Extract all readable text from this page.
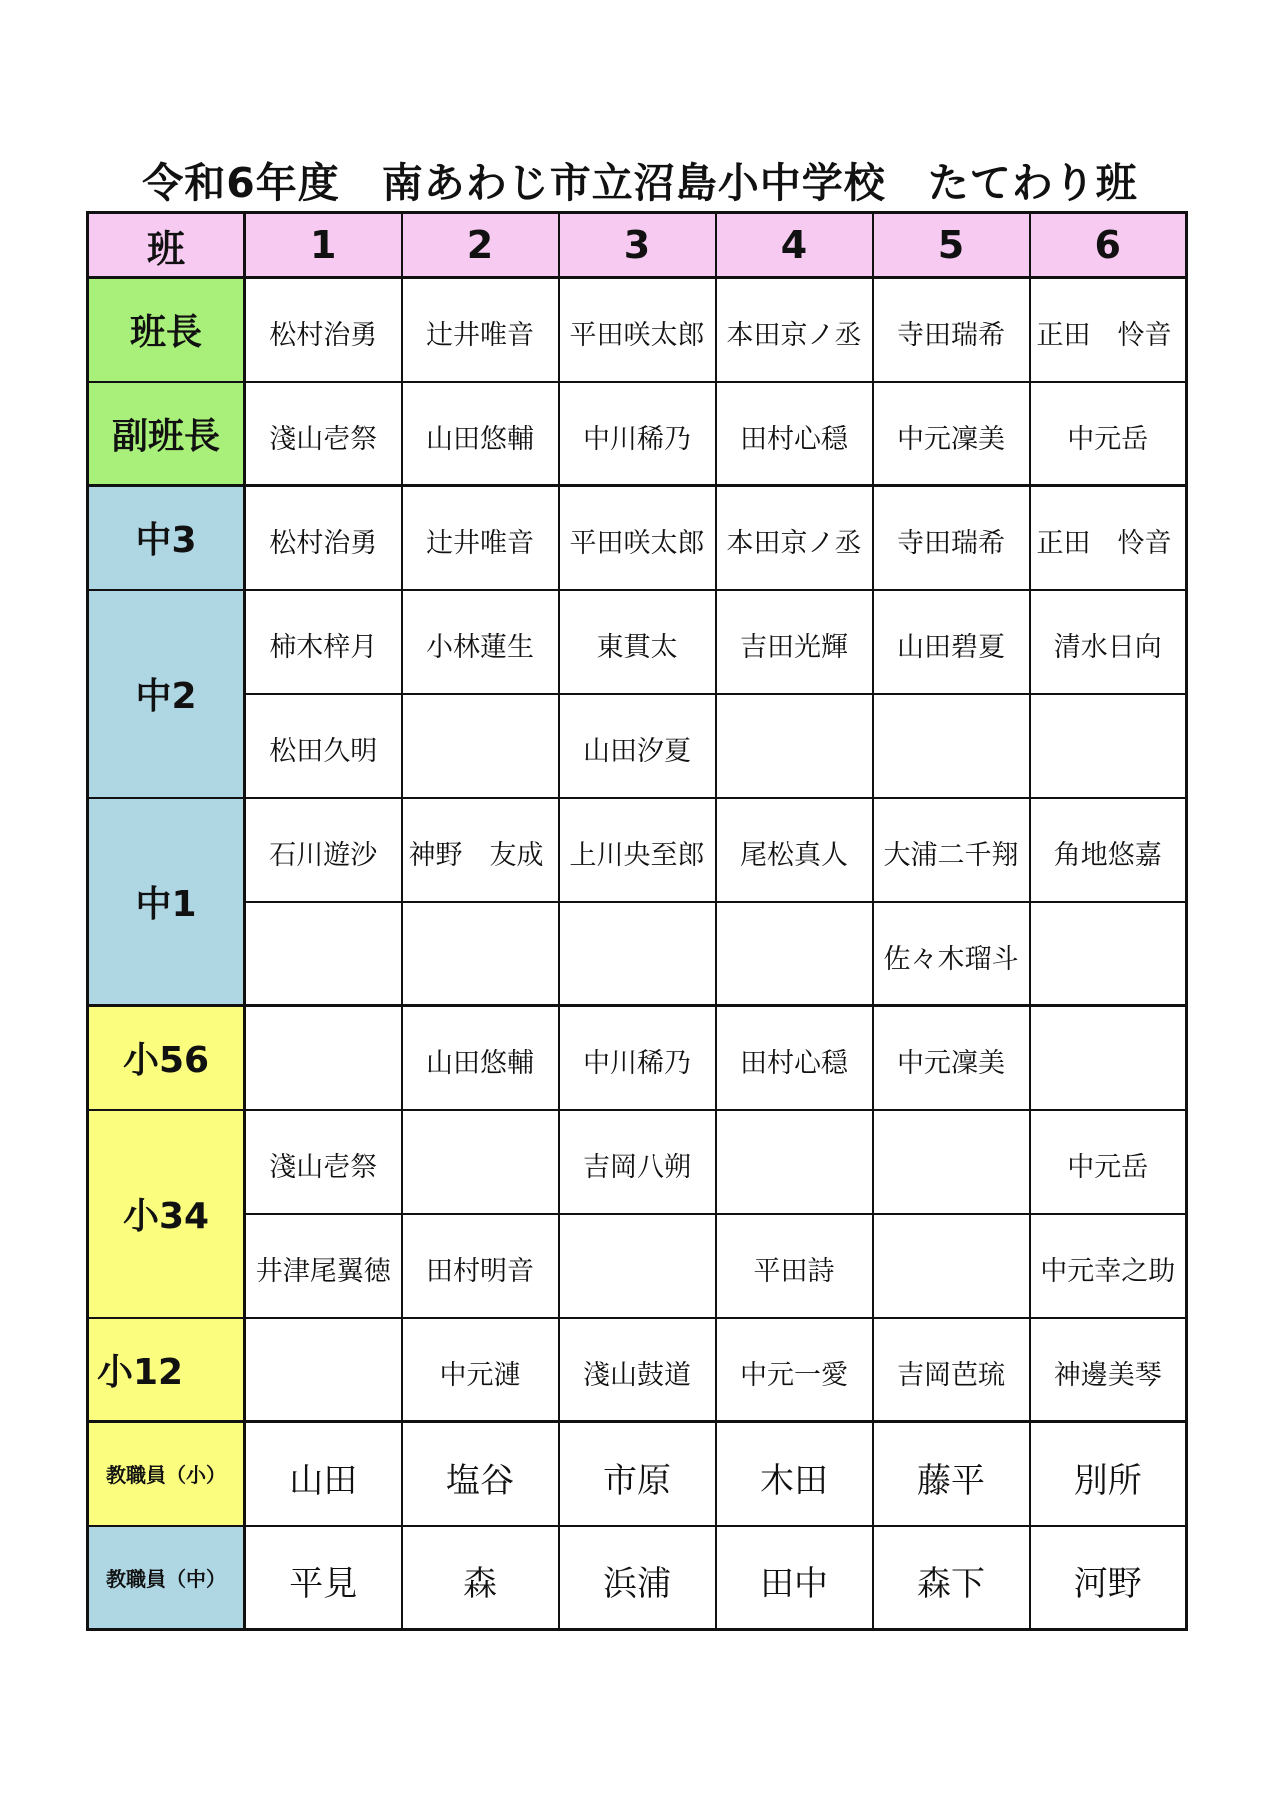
令和6年度　南あわじ市立沼島小中学校　たてわり班
班	1	2	3	4	5	6
班長	松村治勇	辻井唯音	平田咲太郎	本田京ノ丞	寺田瑞希	正田　怜音
副班長	淺山壱祭	山田悠輔	中川稀乃	田村心穏	中元凜美	中元岳
中3	松村治勇	辻井唯音	平田咲太郎	本田京ノ丞	寺田瑞希	正田　怜音
中2	柿木梓月	小林蓮生	東貫太	吉田光輝	山田碧夏	清水日向
	松田久明		山田汐夏			
中1	石川遊沙	神野　友成	上川央至郎	尾松真人	大浦二千翔	角地悠嘉
					佐々木瑠斗	
小56		山田悠輔	中川稀乃	田村心穏	中元凜美	
小34	淺山壱祭		吉岡八朔			中元岳
	井津尾翼徳	田村明音		平田詩		中元幸之助
小12		中元漣	淺山鼓道	中元一愛	吉岡芭琉	神邊美琴
教職員（小）	山田	塩谷	市原	木田	藤平	別所
教職員（中）	平見	森	浜浦	田中	森下	河野
